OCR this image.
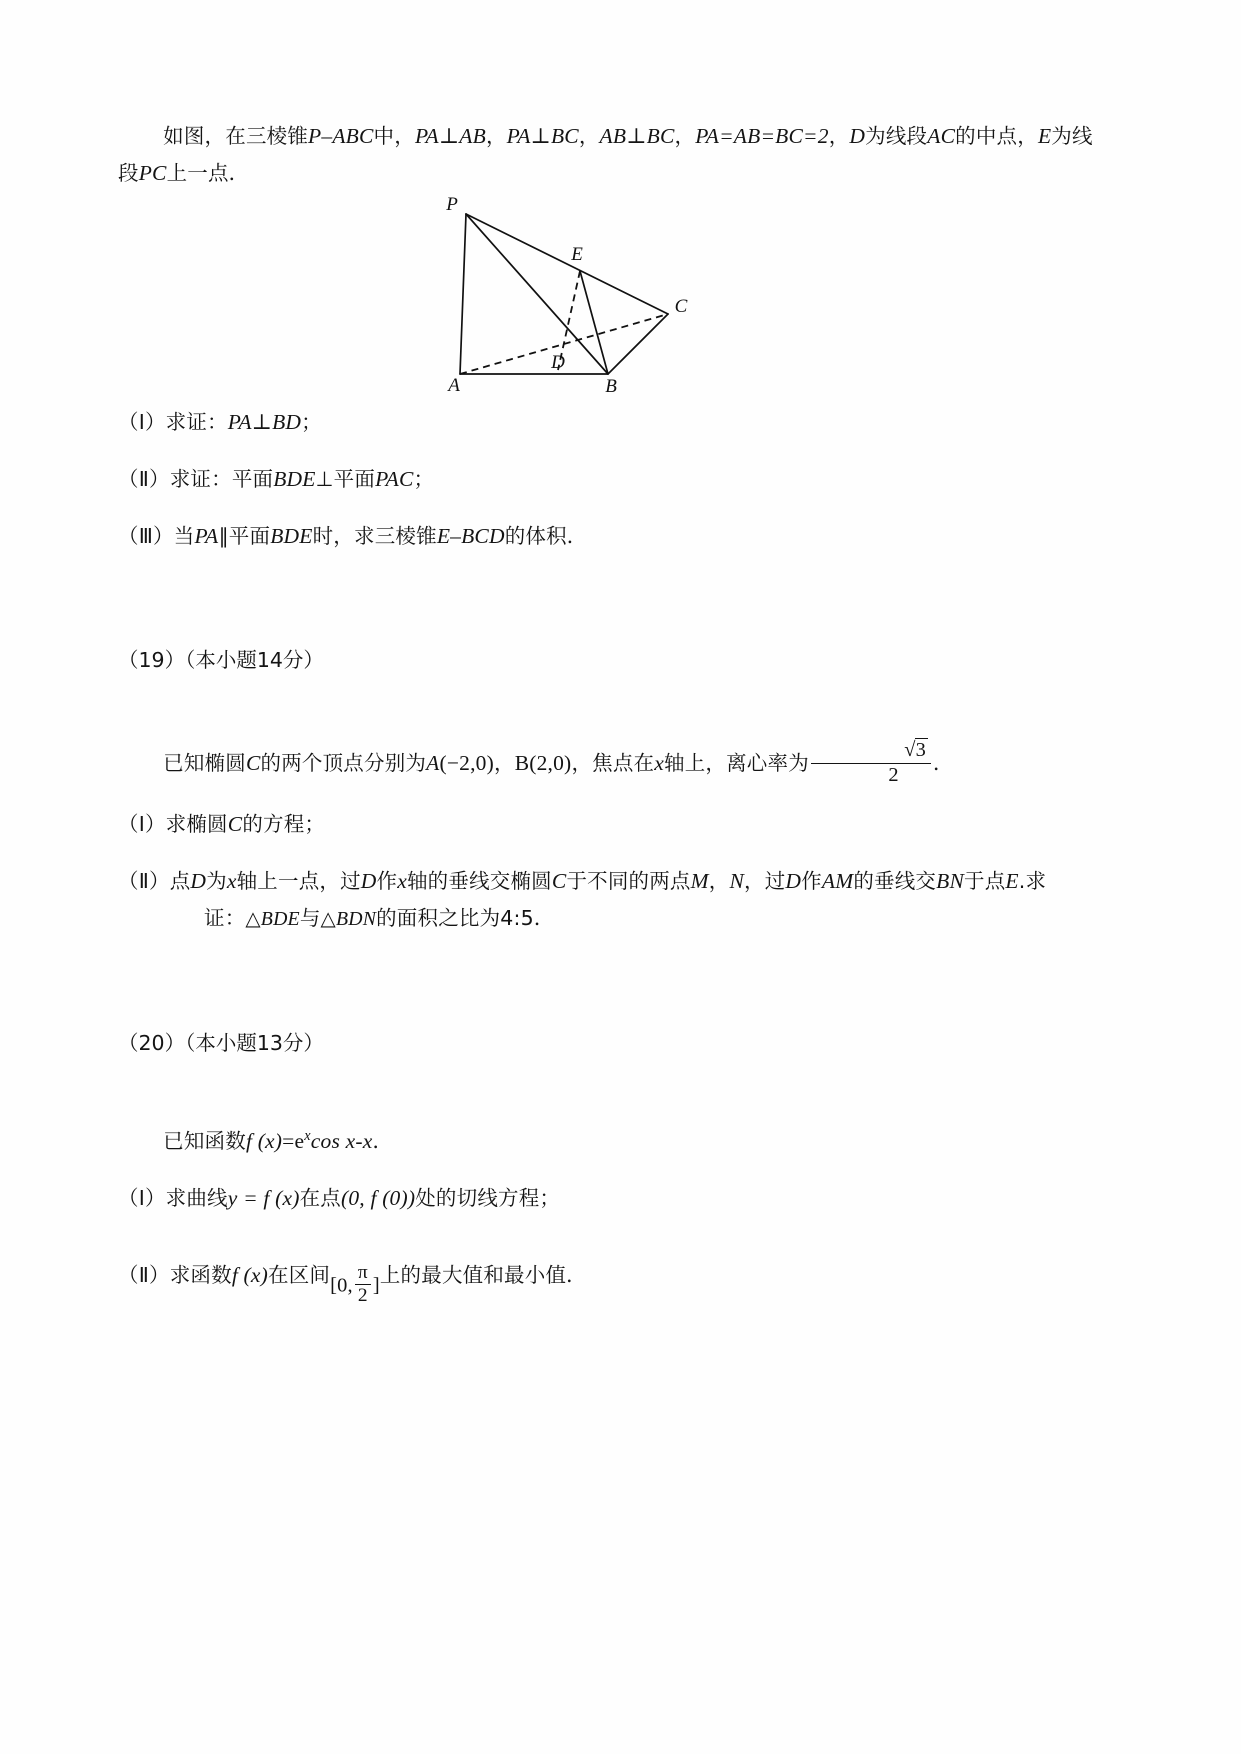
如图，在三棱锥P–ABC中，PA⊥AB，PA⊥BC，AB⊥BC，PA=AB=BC=2，D为线段AC的中点，E为线
段PC上一点．

P
E
C
D
A	B

（Ⅰ）求证：PA⊥BD；

（Ⅱ）求证：平面BDE⊥平面PAC；

（Ⅲ）当PA∥平面BDE时，求三棱锥E–BCD的体积．

（19）（本小题14分）

已知椭圆C的两个顶点分别为A(−2,0)，B(2,0)，焦点在x轴上，离心率为 $\frac{√3}{2}$ ．

（Ⅰ）求椭圆C的方程；

（Ⅱ）点D为x轴上一点，过D作x轴的垂线交椭圆C于不同的两点M，N，过D作AM的垂线交BN于点E.求

证：△BDE与△BDN的面积之比为4:5．

（20）（本小题13分）

已知函数f $(x)=e^x\cos$ x-x．

（Ⅰ）求曲线y = f (x)在点(0, f (0))处的切线方程；

（Ⅱ）求函数f (x)在区间[0, $\frac{\pi}{2}$ ]上的最大值和最小值．
